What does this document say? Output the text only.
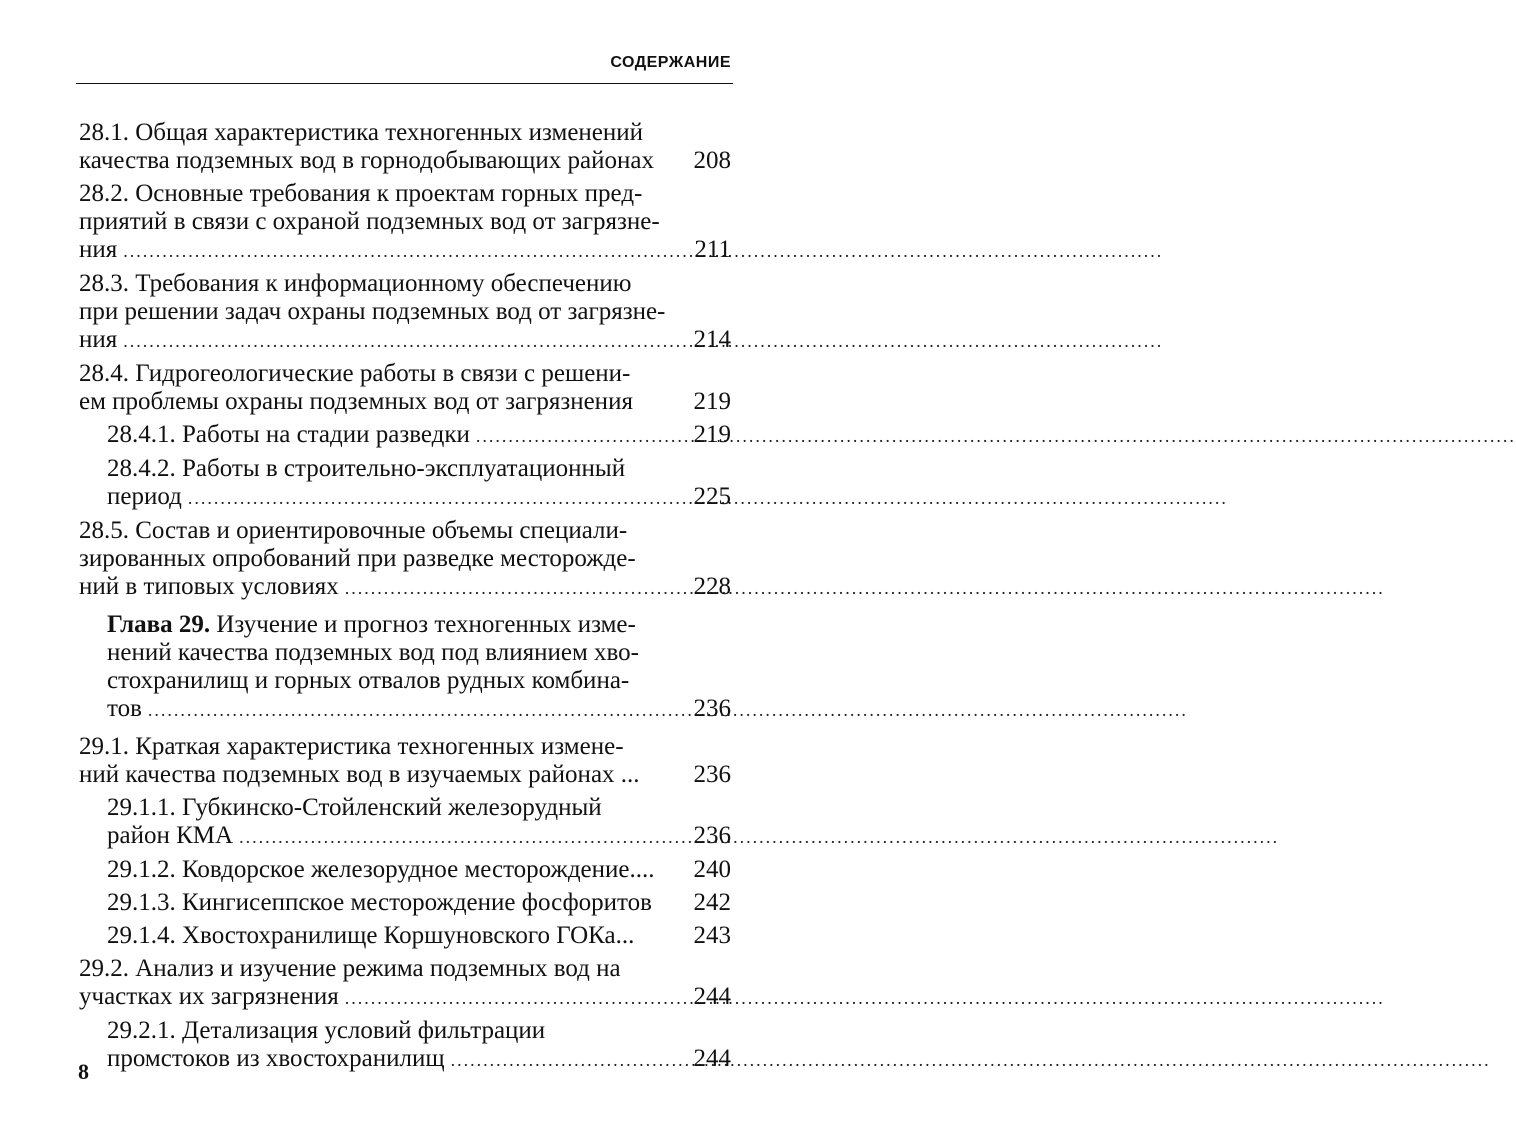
СОДЕРЖАНИЕ
28.1. Общая характеристика техногенных изменений
качества подземных вод в горнодобывающих районах	208
28.2. Основные требования к проектам горных пред-
приятий в связи с охраной подземных вод от загрязне-
ния .....	211
28.3. Требования к информационному обеспечению
при решении задач охраны подземных вод от загрязне-
ния .....	214
28.4. Гидрогеологические работы в связи с решени-
ем проблемы охраны подземных вод от загрязнения	219
28.4.1. Работы на стадии разведки .....	219
28.4.2. Работы в строительно-эксплуатационный
период .....	225
28.5. Состав и ориентировочные объемы специали-
зированных опробований при разведке месторожде-
ний в типовых условиях .....	228
Глава 29. Изучение и прогноз техногенных изме-
нений качества подземных вод под влиянием хво-
стохранилищ и горных отвалов рудных комбина-
тов .....	236
29.1. Краткая характеристика техногенных измене-
ний качества подземных вод в изучаемых районах ...	236
29.1.1. Губкинско-Стойленский железорудный
район КМА .....	236
29.1.2. Ковдорское железорудное месторождение....	240
29.1.3. Кингисеппское месторождение фосфоритов	242
29.1.4. Хвостохранилище Коршуновского ГОКа...	243
29.2. Анализ и изучение режима подземных вод на
участках их загрязнения .....	244
29.2.1. Детализация условий фильтрации
промстоков из хвостохранилищ .....	244
8
